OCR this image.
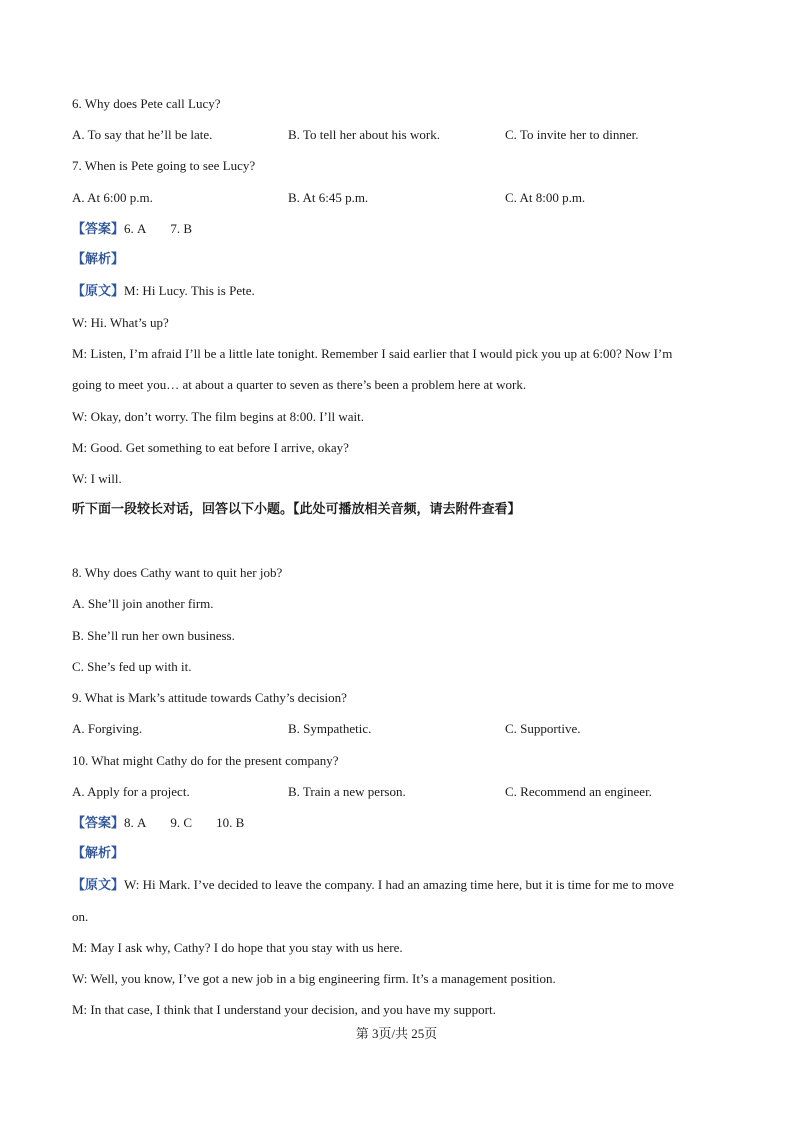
6. Why does Pete call Lucy?
A. To say that he’ll be late.	B. To tell her about his work.	C. To invite her to dinner.
7. When is Pete going to see Lucy?
A. At 6:00 p.m.	B. At 6:45 p.m.	C. At 8:00 p.m.
【答案】6. A 7. B
【解析】
【原文】M: Hi Lucy. This is Pete.
W: Hi. What’s up?
M: Listen, I’m afraid I’ll be a little late tonight. Remember I said earlier that I would pick you up at 6:00? Now I’m
going to meet you… at about a quarter to seven as there’s been a problem here at work.
W: Okay, don’t worry. The film begins at 8:00. I’ll wait.
M: Good. Get something to eat before I arrive, okay?
W: I will.
听下面一段较长对话，回答以下小题。【此处可播放相关音频，请去附件查看】
8. Why does Cathy want to quit her job?
A. She’ll join another firm.
B. She’ll run her own business.
C. She’s fed up with it.
9. What is Mark’s attitude towards Cathy’s decision?
A. Forgiving.	B. Sympathetic.	C. Supportive.
10. What might Cathy do for the present company?
A. Apply for a project.	B. Train a new person.	C. Recommend an engineer.
【答案】8. A 9. C 10. B
【解析】
【原文】W: Hi Mark. I’ve decided to leave the company. I had an amazing time here, but it is time for me to move
on.
M: May I ask why, Cathy? I do hope that you stay with us here.
W: Well, you know, I’ve got a new job in a big engineering firm. It’s a management position.
M: In that case, I think that I understand your decision, and you have my support.
第 3页/共 25页
